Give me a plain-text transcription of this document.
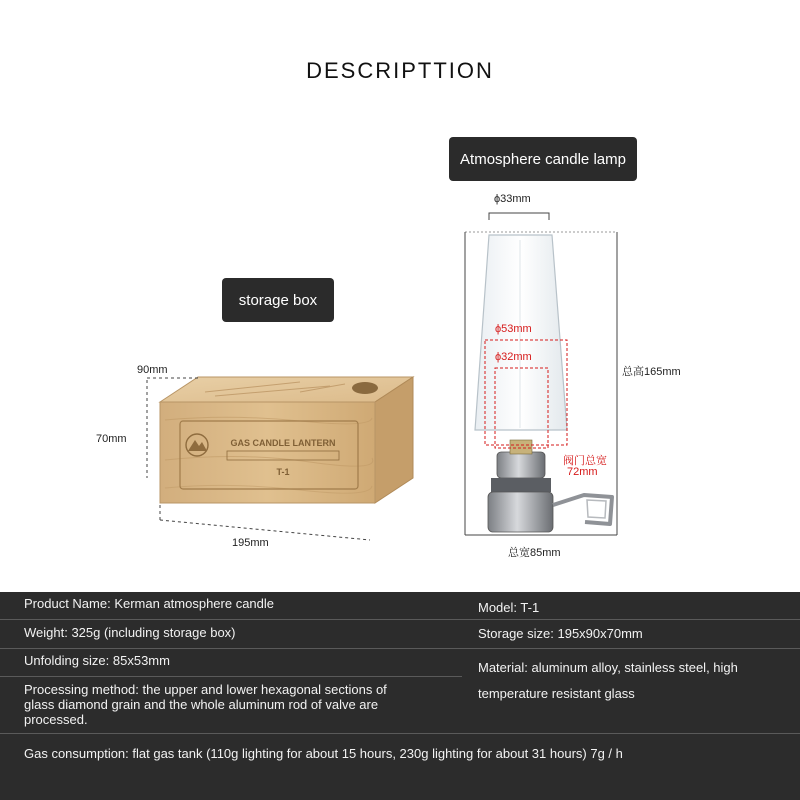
DESCRIPTTION
Atmosphere candle lamp
storage box
GAS CANDLE LANTERN
T-1
90mm
70mm
195mm
ϕ33mm
ϕ53mm
ϕ32mm
总高165mm
阀门总宽
72mm
总宽85mm
Product Name: Kerman atmosphere candle	Model: T-1
Weight: 325g (including storage box)	Storage size: 195x90x70mm
Unfolding size: 85x53mm	Material: aluminum alloy, stainless steel, high temperature resistant glass
Processing method: the upper and lower hexagonal sections of glass diamond grain and the whole aluminum rod of valve are processed.
Gas consumption: flat gas tank (110g lighting for about 15 hours, 230g lighting for about 31 hours) 7g / h
